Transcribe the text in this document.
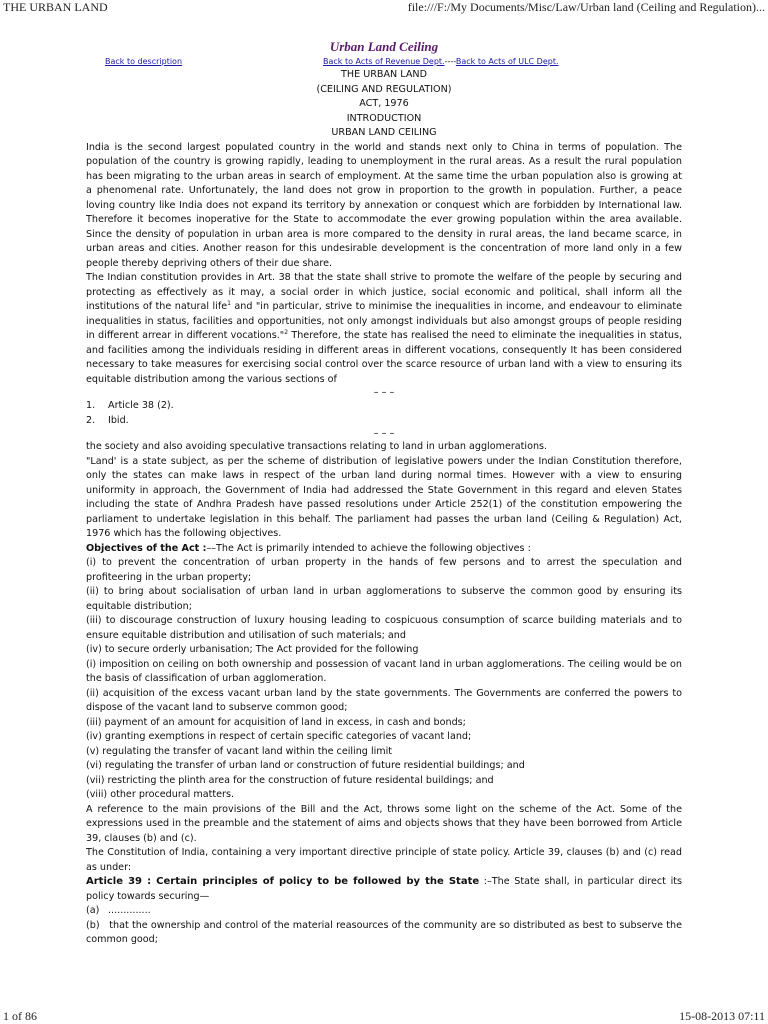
THE URBAN LAND	file:///F:/My Documents/Misc/Law/Urban land (Ceiling and Regulation)...
Urban Land Ceiling
Back to description	Back to Acts of Revenue Dept.----Back to Acts of ULC Dept.
THE URBAN LAND
(CEILING AND REGULATION)
ACT, 1976
INTRODUCTION
URBAN LAND CEILING

India is the second largest populated country in the world and stands next only to China in terms of population. The population of the country is growing rapidly, leading to unemployment in the rural areas. As a result the rural population has been migrating to the urban areas in search of employment. At the same time the urban population also is growing at a phenomenal rate. Unfortunately, the land does not grow in proportion to the growth in population. Further, a peace loving country like India does not expand its territory by annexation or conquest which are forbidden by International law. Therefore it becomes inoperative for the State to accommodate the ever growing population within the area available. Since the density of population in urban area is more compared to the density in rural areas, the land became scarce, in urban areas and cities. Another reason for this undesirable development is the concentration of more land only in a few people thereby depriving others of their due share.

The Indian constitution provides in Art. 38 that the state shall strive to promote the welfare of the people by securing and protecting as effectively as it may, a social order in which justice, social economic and political, shall inform all the institutions of the natural life$^1$ and "in particular, strive to minimise the inequalities in income, and endeavour to eliminate inequalities in status, facilities and opportunities, not only amongst individuals but also amongst groups of people residing in different arrear in different vocations."$^2$ Therefore, the state has realised the need to eliminate the inequalities in status, and facilities among the individuals residing in different areas in different vocations, consequently It has been considered necessary to take measures for exercising social control over the scarce resource of urban land with a view to ensuring its equitable distribution among the various sections of

– – –
1.	Article 38 (2).
2.	Ibid.
– – –

the society and also avoiding speculative transactions relating to land in urban agglomerations.

"Land' is a state subject, as per the scheme of distribution of legislative powers under the Indian Constitution therefore, only the states can make laws in respect of the urban land during normal times. However with a view to ensuring uniformity in approach, the Government of India had addressed the State Government in this regard and eleven States including the state of Andhra Pradesh have passed resolutions under Article 252(1) of the constitution empowering the parliament to undertake legislation in this behalf. The parliament had passes the urban land (Ceiling & Regulation) Act, 1976 which has the following objectives.

Objectives of the Act :––The Act is primarily intended to achieve the following objectives :

(i) to prevent the concentration of urban property in the hands of few persons and to arrest the speculation and profiteering in the urban property;

(ii) to bring about socialisation of urban land in urban agglomerations to subserve the common good by ensuring its equitable distribution;

(iii) to discourage construction of luxury housing leading to cospicuous consumption of scarce building materials and to ensure equitable distribution and utilisation of such materials; and

(iv) to secure orderly urbanisation; The Act provided for the following

(i) imposition on ceiling on both ownership and possession of vacant land in urban agglomerations. The ceiling would be on the basis of classification of urban agglomeration.

(ii) acquisition of the excess vacant urban land by the state governments. The Governments are conferred the powers to dispose of the vacant land to subserve common good;

(iii) payment of an amount for acquisition of land in excess, in cash and bonds;

(iv) granting exemptions in respect of certain specific categories of vacant land;

(v) regulating the transfer of vacant land within the ceiling limit

(vi) regulating the transfer of urban land or construction of future residential buildings; and

(vii) restricting the plinth area for the construction of future residental buildings; and

(viii) other procedural matters.

A reference to the main provisions of the Bill and the Act, throws some light on the scheme of the Act. Some of the expressions used in the preamble and the statement of aims and objects shows that they have been borrowed from Article 39, clauses (b) and (c).

The Constitution of India, containing a very important directive principle of state policy. Article 39, clauses (b) and (c) read as under:

Article 39 : Certain principles of policy to be followed by the State :–The State shall, in particular direct its policy towards securing—

(a) ..............

(b) that the ownership and control of the material reasources of the community are so distributed as best to subserve the common good;

1 of 86	15-08-2013 07:11
